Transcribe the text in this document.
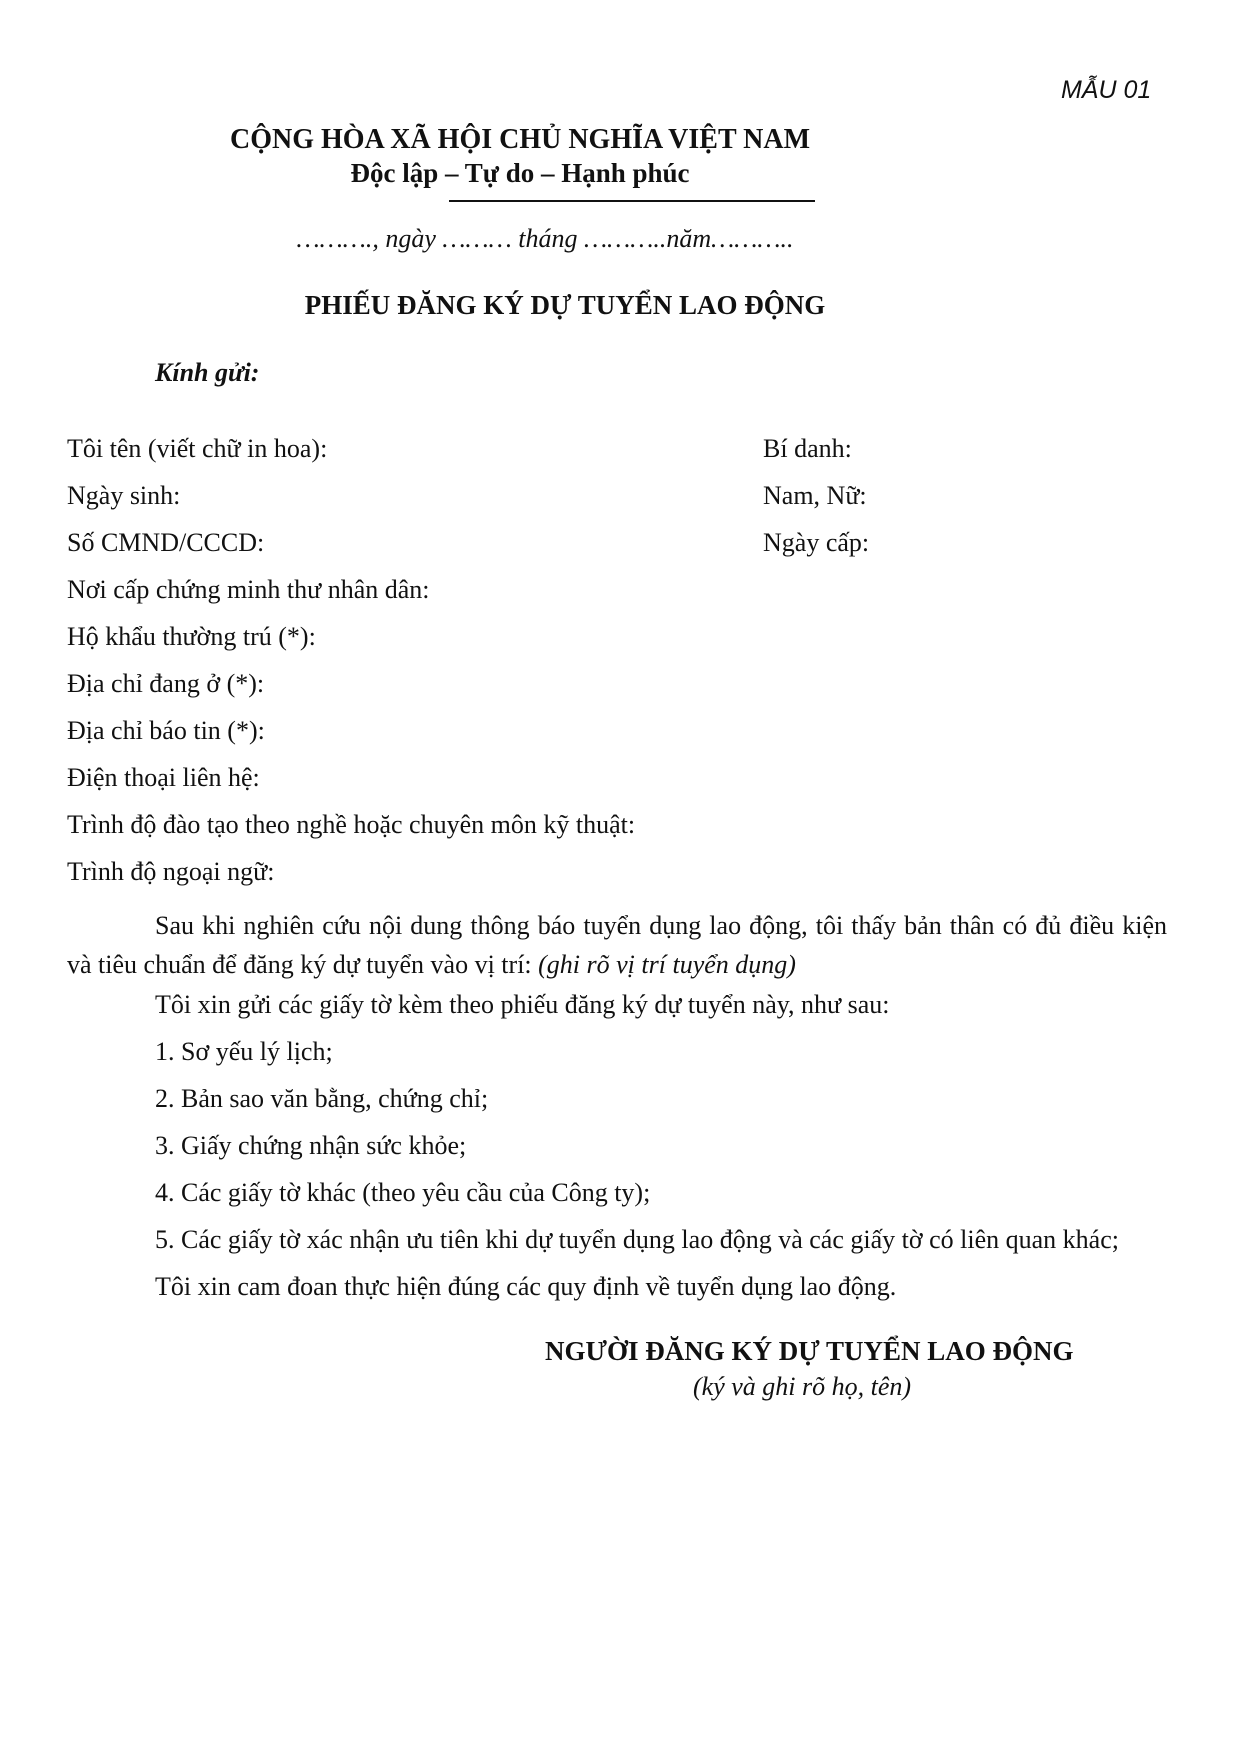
MẪU 01
CỘNG HÒA XÃ HỘI CHỦ NGHĨA VIỆT NAM
Độc lập – Tự do – Hạnh phúc
………., ngày ……… tháng ………..năm………..
PHIẾU ĐĂNG KÝ DỰ TUYỂN LAO ĐỘNG
Kính gửi:
Tôi tên (viết chữ in hoa):	Bí danh:
Ngày sinh:	Nam, Nữ:
Số CMND/CCCD:	Ngày cấp:
Nơi cấp chứng minh thư nhân dân:
Hộ khẩu thường trú (*):
Địa chỉ đang ở (*):
Địa chỉ báo tin (*):
Điện thoại liên hệ:
Trình độ đào tạo theo nghề hoặc chuyên môn kỹ thuật:
Trình độ ngoại ngữ:
Sau khi nghiên cứu nội dung thông báo tuyển dụng lao động, tôi thấy bản thân có đủ điều kiện và tiêu chuẩn để đăng ký dự tuyển vào vị trí: (ghi rõ vị trí tuyển dụng)
Tôi xin gửi các giấy tờ kèm theo phiếu đăng ký dự tuyển này, như sau:
1. Sơ yếu lý lịch;
2. Bản sao văn bằng, chứng chỉ;
3. Giấy chứng nhận sức khỏe;
4. Các giấy tờ khác (theo yêu cầu của Công ty);
5. Các giấy tờ xác nhận ưu tiên khi dự tuyển dụng lao động và các giấy tờ có liên quan khác;
Tôi xin cam đoan thực hiện đúng các quy định về tuyển dụng lao động.
NGƯỜI ĐĂNG KÝ DỰ TUYỂN LAO ĐỘNG
(ký và ghi rõ họ, tên)
